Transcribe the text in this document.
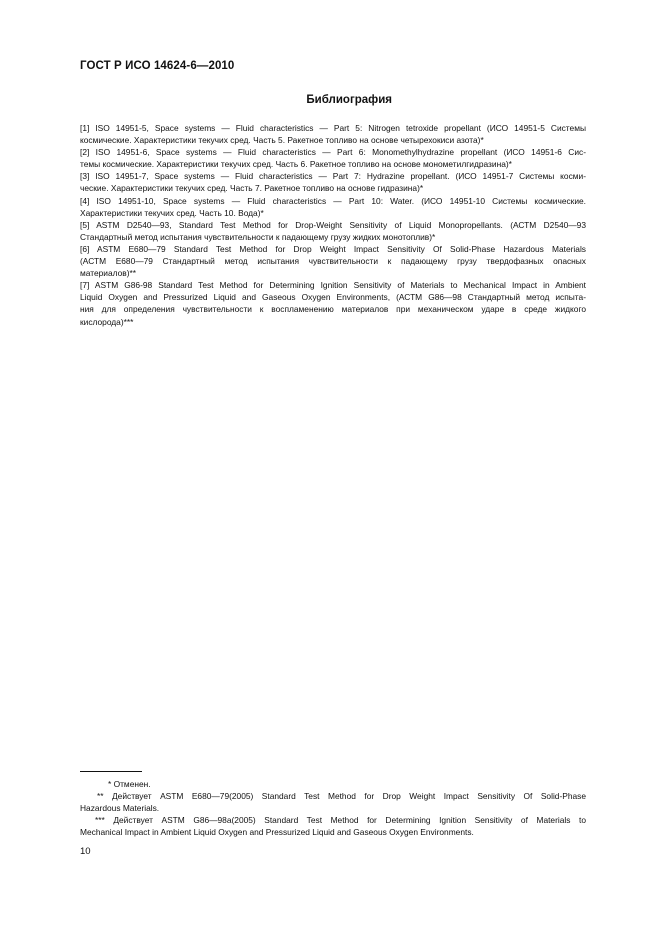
ГОСТ Р ИСО 14624-6—2010
Библиография

[1] ISO 14951-5, Space systems — Fluid characteristics — Part 5: Nitrogen tetroxide propellant (ИСО 14951-5 Системы
космические. Характеристики текучих сред. Часть 5. Ракетное топливо на основе четырехокиси азота)*

[2] ISO 14951-6, Space systems — Fluid characteristics — Part 6: Monomethylhydrazine propellant (ИСО 14951-6 Сис-
темы космические. Характеристики текучих сред. Часть 6. Ракетное топливо на основе монометилгидразина)*

[3] ISO 14951-7, Space systems — Fluid characteristics — Part 7: Hydrazine propellant. (ИСО 14951-7 Системы косми-
ческие. Характеристики текучих сред. Часть 7. Ракетное топливо на основе гидразина)*

[4] ISO 14951-10, Space systems — Fluid characteristics — Part 10: Water. (ИСО 14951-10 Системы космические.
Характеристики текучих сред. Часть 10. Вода)*

[5] ASTM D2540—93, Standard Test Method for Drop-Weight Sensitivity of Liquid Monopropellants. (АСТМ D2540—93
Стандартный метод испытания чувствительности к падающему грузу жидких монотоплив)*

[6] ASTM E680—79 Standard Test Method for Drop Weight Impact Sensitivity Of Solid-Phase Hazardous Materials
(АСТМ E680—79 Стандартный метод испытания чувствительности к падающему грузу твердофазных опасных
материалов)**

[7] ASTM G86-98 Standard Test Method for Determining Ignition Sensitivity of Materials to Mechanical Impact in Ambient
Liquid Oxygen and Pressurized Liquid and Gaseous Oxygen Environments, (АСТМ G86—98 Стандартный метод испыта-
ния для определения чувствительности к воспламенению материалов при механическом ударе в среде жидкого
кислорода)***

* Отменен.
** Действует ASTM E680—79(2005) Standard Test Method for Drop Weight Impact Sensitivity Of Solid-Phase
Hazardous Materials.
*** Действует ASTM G86—98a(2005) Standard Test Method for Determining Ignition Sensitivity of Materials to
Mechanical Impact in Ambient Liquid Oxygen and Pressurized Liquid and Gaseous Oxygen Environments.
10
